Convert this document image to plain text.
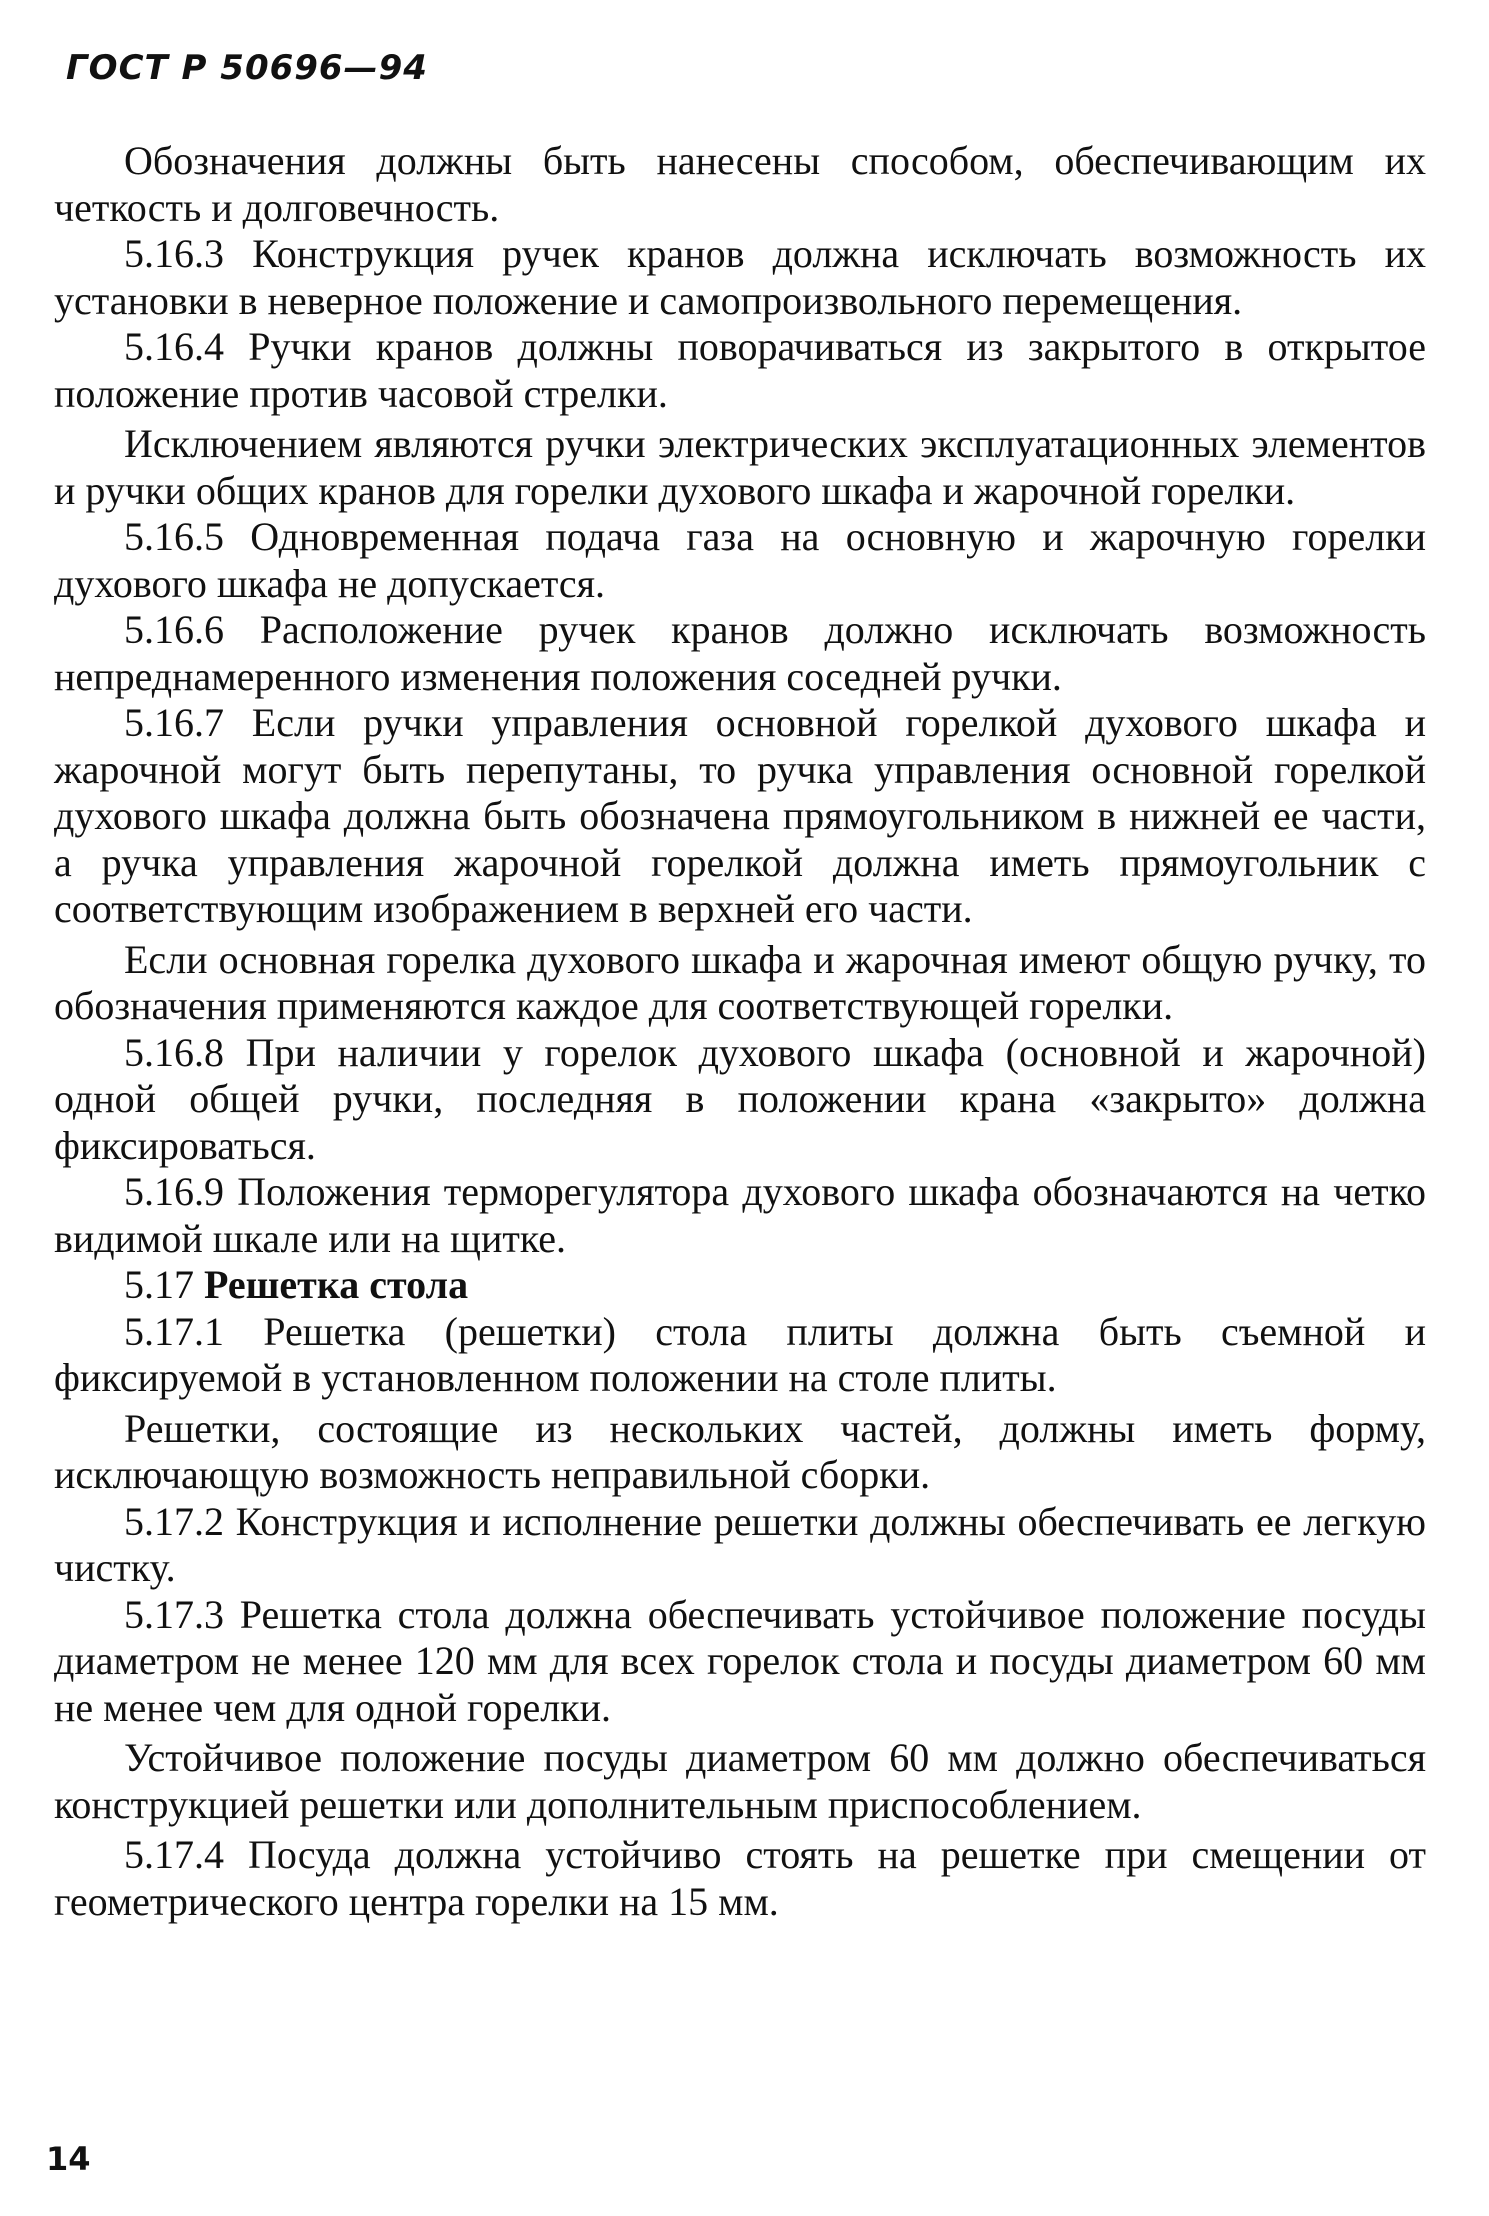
ГОСТ Р 50696—94

Обозначения должны быть нанесены способом, обеспечивающим их четкость и долговечность.

5.16.3 Конструкция ручек кранов должна исключать возможность их установки в неверное положение и самопроизвольного перемещения.

5.16.4 Ручки кранов должны поворачиваться из закрытого в открытое положение против часовой стрелки.

Исключением являются ручки электрических эксплуатационных элементов и ручки общих кранов для горелки духового шкафа и жарочной горелки.

5.16.5 Одновременная подача газа на основную и жарочную горелки духового шкафа не допускается.

5.16.6 Расположение ручек кранов должно исключать возможность непреднамеренного изменения положения соседней ручки.

5.16.7 Если ручки управления основной горелкой духового шкафа и жарочной могут быть перепутаны, то ручка управления основной горелкой духового шкафа должна быть обозначена прямоугольником в нижней ее части, а ручка управления жарочной горелкой должна иметь прямоугольник с соответствующим изображением в верхней его части.

Если основная горелка духового шкафа и жарочная имеют общую ручку, то обозначения применяются каждое для соответствующей горелки.

5.16.8 При наличии у горелок духового шкафа (основной и жарочной) одной общей ручки, последняя в положении крана «закрыто» должна фиксироваться.

5.16.9 Положения терморегулятора духового шкафа обозначаются на четко видимой шкале или на щитке.

5.17 Решетка стола

5.17.1 Решетка (решетки) стола плиты должна быть съемной и фиксируемой в установленном положении на столе плиты.

Решетки, состоящие из нескольких частей, должны иметь форму, исключающую возможность неправильной сборки.

5.17.2 Конструкция и исполнение решетки должны обеспечивать ее легкую чистку.

5.17.3 Решетка стола должна обеспечивать устойчивое положение посуды диаметром не менее 120 мм для всех горелок стола и посуды диаметром 60 мм не менее чем для одной горелки.

Устойчивое положение посуды диаметром 60 мм должно обеспечиваться конструкцией решетки или дополнительным приспособлением.

5.17.4 Посуда должна устойчиво стоять на решетке при смещении от геометрического центра горелки на 15 мм.

14
